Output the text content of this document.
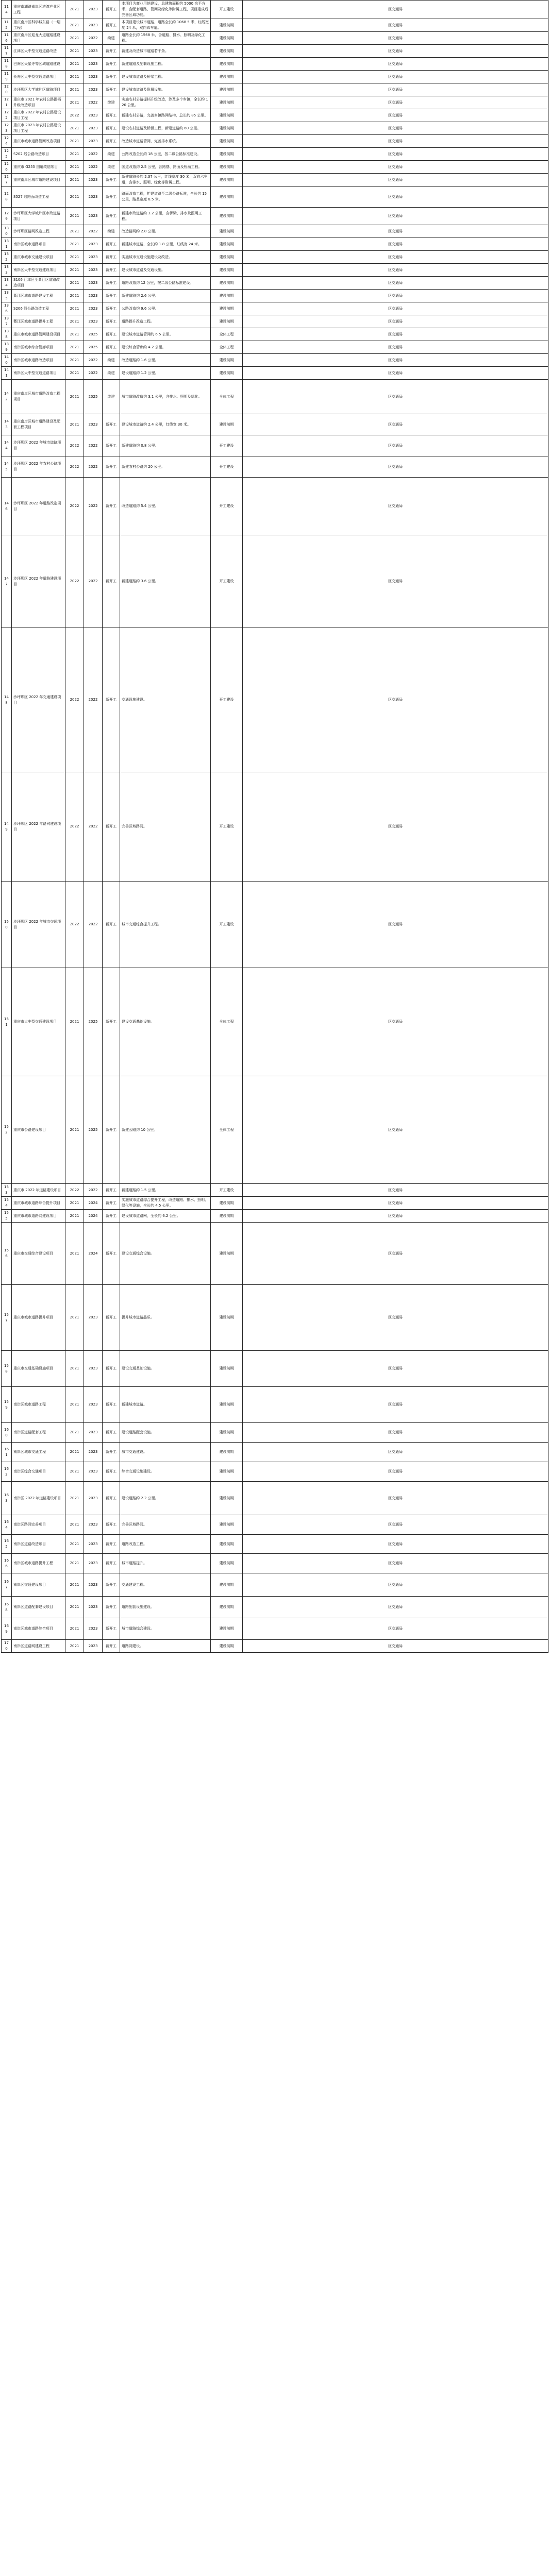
114	重庆南湖路南岸区港湾产业区工程	2021	2023	新开工	本项目为商业用地建设，总建筑面积约 5000 余平方米，含配套道路、管网及绿化等附属工程，项目建成后完善区域功能。	开工建设	区交通局
115	重庆南岸区科学城东路（一期工程）	2021	2023	新开工	本项目建设城市道路，道路全长约 1068.5 米，红线宽度 24 米，双向四车道。	建设前期	区交通局
116	重庆南岸区迎龙大道道路建设项目	2021	2022	续建	道路全长约 1568 米，含道路、排水、照明及绿化工程。	建设前期	区交通局
117	江津区大中型交通道路改造	2021	2023	新开工	新建及改造城市道路若干条。	建设前期	区交通局
118	巴南区天星寺等区域道路建设	2021	2023	新开工	新建道路及配套设施工程。	建设前期	区交通局
119	长寿区大中型交通道路项目	2021	2023	新开工	建设城市道路及桥梁工程。	建设前期	区交通局
120	沙坪坝区大学城片区道路项目	2021	2023	新开工	建设城市道路及附属设施。	建设前期	区交通局
121	重庆市 2021 年农村公路提档升级改造项目	2021	2022	续建	实施农村公路提档升级改造，涉及多个乡镇，全长约 120 公里。	建设前期	区交通局
122	重庆市 2022 年农村公路建设项目工程	2022	2023	新开工	新建农村公路，完善乡镇路网结构，总长约 85 公里。	建设前期	区交通局
123	重庆市 2023 年农村公路建设项目工程	2021	2023	新开工	建设农村道路及桥涵工程，新建道路约 60 公里。	建设前期	区交通局
124	重庆市城市道路管网改造项目	2021	2023	新开工	改造城市道路管网，完善排水系统。	建设前期	区交通局
125	S202 线公路改造项目	2021	2022	续建	公路改造全长约 18 公里，按二级公路标准建设。	建设前期	区交通局
126	重庆市 G255 国道改造项目	2021	2022	续建	国道改造约 2.5 公里，含路基、路面及桥涵工程。	建设前期	区交通局
127	重庆南岸区城市道路建设项目	2021	2023	新开工	新建道路长约 2.37 公里，红线宽度 30 米，双向六车道，含排水、照明、绿化等附属工程。	建设前期	区交通局
128	S527 线路面改造工程	2021	2023	新开工	路面改造工程，扩建道路至二级公路标准，全长约 15 公里，路基宽度 8.5 米。	建设前期	区交通局
129	沙坪坝区大学城片区市政道路项目	2021	2023	新开工	新建市政道路约 3.2 公里，含桥梁、排水及照明工程。	建设前期	区交通局
130	沙坪坝区路网改造工程	2021	2022	续建	改造路网约 2.8 公里。	建设前期	区交通局
131	南岸区城市道路项目	2021	2023	新开工	新建城市道路，全长约 1.8 公里，红线宽 24 米。	建设前期	区交通局
132	重庆市城市交通建设项目	2021	2023	新开工	实施城市交通设施建设及改造。	建设前期	区交通局
133	南岸区大中型交通建设项目	2021	2023	新开工	建设城市道路及交通设施。	建设前期	区交通局
134	S106 江津区至綦江区道路改造项目	2021	2023	新开工	道路改造约 12 公里，按二级公路标准建设。	建设前期	区交通局
135	綦江区城市道路建设工程	2021	2023	新开工	新建道路约 2.6 公里。	建设前期	区交通局
136	S206 线公路改造工程	2021	2023	新开工	公路改造约 9.6 公里。	建设前期	区交通局
137	綦江区城市道路提升工程	2021	2023	新开工	道路提升改造工程。	建设前期	区交通局
138	重庆市城市道路管网建设项目	2021	2025	新开工	建设城市道路管网约 6.5 公里。	全体工程	区交通局
139	南岸区城市综合管廊项目	2021	2025	新开工	建设综合管廊约 4.2 公里。	全体工程	区交通局
140	南岸区城市道路改造项目	2021	2022	续建	改造道路约 1.6 公里。	建设前期	区交通局
141	南岸区大中型交通道路项目	2021	2022	续建	建设道路约 1.2 公里。	建设前期	区交通局
142	重庆南岸区城市道路改造工程项目	2021	2025	续建	城市道路改造约 3.1 公里，含排水、照明及绿化。	全体工程	区交通局
143	重庆南岸区城市道路建设及配套工程项目	2021	2023	新开工	建设城市道路约 2.4 公里，红线宽 30 米。	建设前期	区交通局
144	沙坪坝区 2022 年城市道路项目	2022	2022	新开工	新建道路约 0.8 公里。	开工建设	区交通局
145	沙坪坝区 2022 年农村公路项目	2022	2022	新开工	新建农村公路约 20 公里。	开工建设	区交通局
146	沙坪坝区 2022 年道路改造项目	2022	2022	新开工	改造道路约 5.4 公里。	开工建设	区交通局
147	沙坪坝区 2022 年道路建设项目	2022	2022	新开工	新建道路约 3.6 公里。	开工建设	区交通局
148	沙坪坝区 2022 年交通建设项目	2022	2022	新开工	交通设施建设。	开工建设	区交通局
149	沙坪坝区 2022 年路网建设项目	2022	2022	新开工	完善区域路网。	开工建设	区交通局
150	沙坪坝区 2022 年城市交通项目	2022	2022	新开工	城市交通综合提升工程。	开工建设	区交通局
151	重庆市大中型交通建设项目	2021	2025	新开工	建设交通基础设施。	全体工程	区交通局
152	重庆市公路建设项目	2021	2025	新开工	新建公路约 10 公里。	全体工程	区交通局
153	重庆市 2022 年道路建设项目	2022	2022	新开工	新建道路约 1.5 公里。	开工建设	区交通局
154	重庆市城市道路综合提升项目	2021	2024	新开工	实施城市道路综合提升工程，改造道路、排水、照明、绿化等设施，全长约 4.5 公里。	建设前期	区交通局
155	重庆市城市道路网建设项目	2021	2024	新开工	建设城市道路网，全长约 6.2 公里。	建设前期	区交通局
156	重庆市交通综合建设项目	2021	2024	新开工	建设交通综合设施。	建设前期	区交通局
157	重庆市城市道路提升项目	2021	2023	新开工	提升城市道路品质。	建设前期	区交通局
158	重庆市交通基础设施项目	2021	2023	新开工	建设交通基础设施。	建设前期	区交通局
159	南岸区城市道路工程	2021	2023	新开工	新建城市道路。	建设前期	区交通局
160	南岸区道路配套工程	2021	2023	新开工	建设道路配套设施。	建设前期	区交通局
161	南岸区城市交通工程	2021	2023	新开工	城市交通建设。	建设前期	区交通局
162	南岸区综合交通项目	2021	2023	新开工	综合交通设施建设。	建设前期	区交通局
163	南岸区 2022 年道路建设项目	2021	2023	新开工	建设道路约 2.2 公里。	建设前期	区交通局
164	南岸区路网完善项目	2021	2023	新开工	完善区域路网。	建设前期	区交通局
165	南岸区道路改造项目	2021	2023	新开工	道路改造工程。	建设前期	区交通局
166	南岸区城市道路提升工程	2021	2023	新开工	城市道路提升。	建设前期	区交通局
167	南岸区交通建设项目	2021	2023	新开工	交通建设工程。	建设前期	区交通局
168	南岸区道路配套建设项目	2021	2023	新开工	道路配套设施建设。	建设前期	区交通局
169	南岸区城市道路综合项目	2021	2023	新开工	城市道路综合建设。	建设前期	区交通局
170	南岸区道路网建设工程	2021	2023	新开工	道路网建设。	建设前期	区交通局
